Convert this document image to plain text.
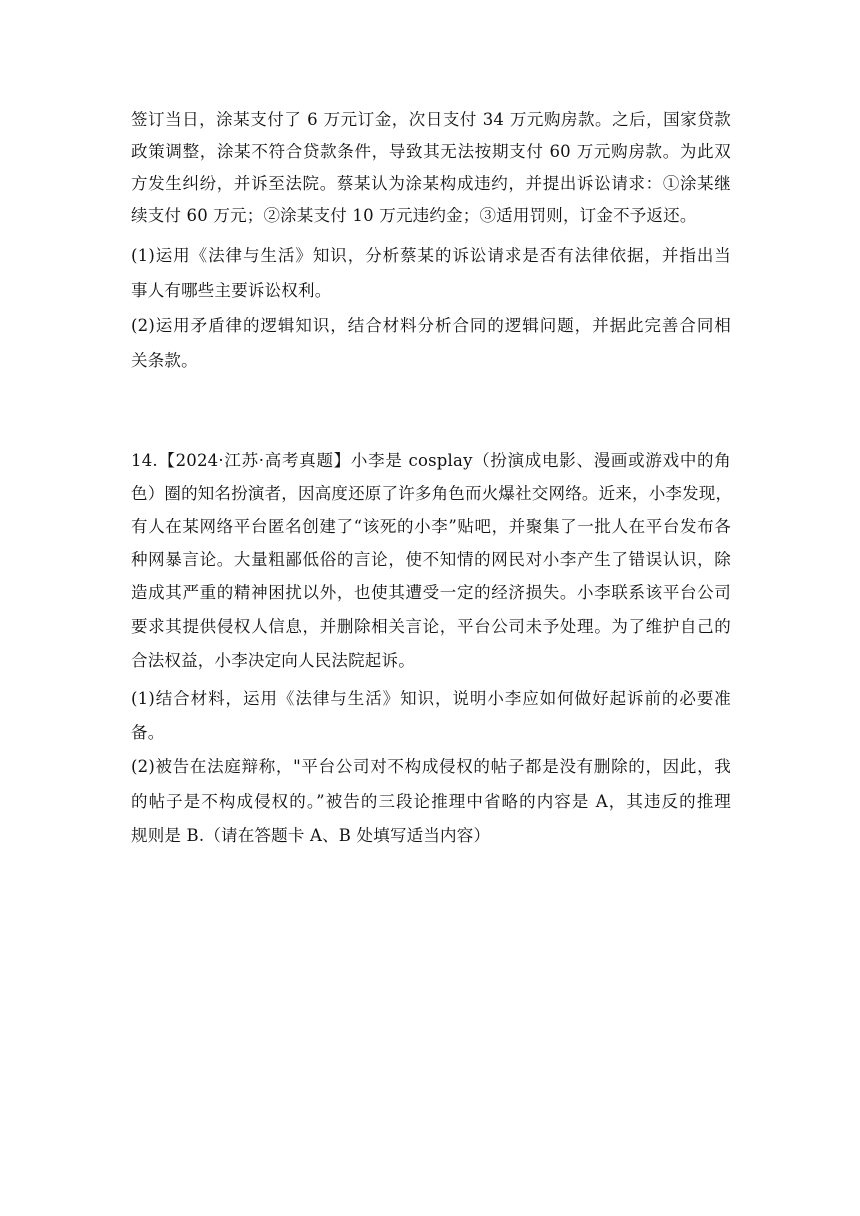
签订当日，涂某支付了 6 万元订金，次日支付 34 万元购房款。之后，国家贷款
政策调整，涂某不符合贷款条件，导致其无法按期支付 60 万元购房款。为此双
方发生纠纷，并诉至法院。蔡某认为涂某构成违约，并提出诉讼请求：①涂某继
续支付 60 万元；②涂某支付 10 万元违约金；③适用罚则，订金不予返还。
(1)运用《法律与生活》知识，分析蔡某的诉讼请求是否有法律依据，并指出当
事人有哪些主要诉讼权利。
(2)运用矛盾律的逻辑知识，结合材料分析合同的逻辑问题，并据此完善合同相
关条款。
14.【2024·江苏·高考真题】小李是 cosplay（扮演成电影、漫画或游戏中的角
色）圈的知名扮演者，因高度还原了许多角色而火爆社交网络。近来，小李发现，
有人在某网络平台匿名创建了“该死的小李”贴吧，并聚集了一批人在平台发布各
种网暴言论。大量粗鄙低俗的言论，使不知情的网民对小李产生了错误认识，除
造成其严重的精神困扰以外，也使其遭受一定的经济损失。小李联系该平台公司
要求其提供侵权人信息，并删除相关言论，平台公司未予处理。为了维护自己的
合法权益，小李决定向人民法院起诉。
(1)结合材料，运用《法律与生活》知识，说明小李应如何做好起诉前的必要准
备。
(2)被告在法庭辩称，"平台公司对不构成侵权的帖子都是没有删除的，因此，我
的帖子是不构成侵权的。”被告的三段论推理中省略的内容是 A，其违反的推理
规则是 B.（请在答题卡 A、B 处填写适当内容）
